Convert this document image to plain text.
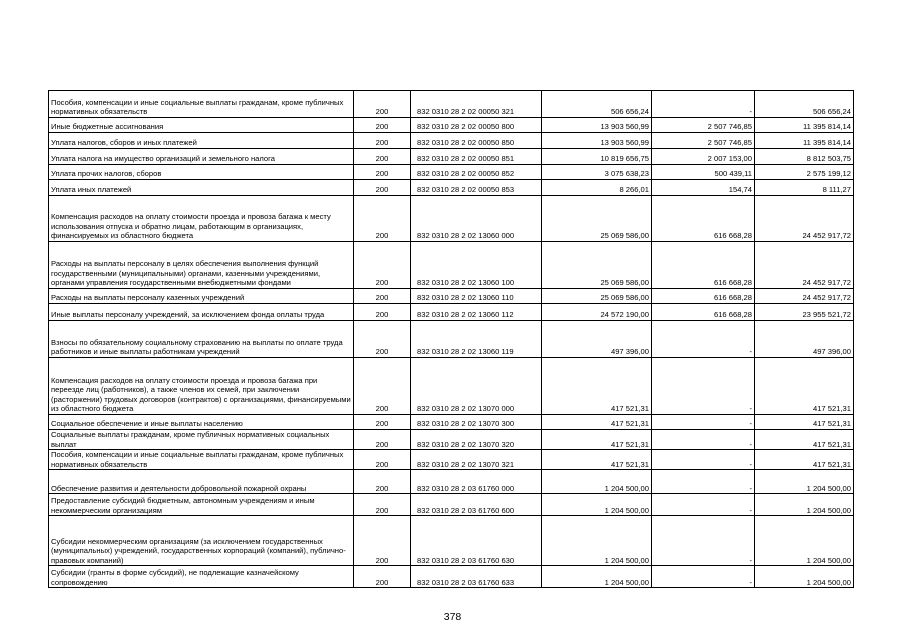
Пособия, компенсации и иные социальные выплаты гражданам, кроме публичных нормативных обязательств	200	832 0310 28 2 02 00050 321	506 656,24	-	506 656,24
Иные бюджетные ассигнования	200	832 0310 28 2 02 00050 800	13 903 560,99	2 507 746,85	11 395 814,14
Уплата налогов, сборов и иных платежей	200	832 0310 28 2 02 00050 850	13 903 560,99	2 507 746,85	11 395 814,14
Уплата налога на имущество организаций и земельного налога	200	832 0310 28 2 02 00050 851	10 819 656,75	2 007 153,00	8 812 503,75
Уплата прочих налогов, сборов	200	832 0310 28 2 02 00050 852	3 075 638,23	500 439,11	2 575 199,12
Уплата иных платежей	200	832 0310 28 2 02 00050 853	8 266,01	154,74	8 111,27
Компенсация расходов на оплату стоимости проезда и провоза багажа к месту использования отпуска и обратно лицам, работающим в организациях, финансируемых из областного бюджета	200	832 0310 28 2 02 13060 000	25 069 586,00	616 668,28	24 452 917,72
Расходы на выплаты персоналу в целях обеспечения выполнения функций государственными (муниципальными) органами, казенными учреждениями, органами управления государственными внебюджетными фондами	200	832 0310 28 2 02 13060 100	25 069 586,00	616 668,28	24 452 917,72
Расходы на выплаты персоналу казенных учреждений	200	832 0310 28 2 02 13060 110	25 069 586,00	616 668,28	24 452 917,72
Иные выплаты персоналу учреждений, за исключением фонда оплаты труда	200	832 0310 28 2 02 13060 112	24 572 190,00	616 668,28	23 955 521,72
Взносы по обязательному социальному страхованию на выплаты по оплате труда работников и иные выплаты работникам учреждений	200	832 0310 28 2 02 13060 119	497 396,00	-	497 396,00
Компенсация расходов на оплату стоимости проезда и провоза багажа при переезде лиц (работников), а также членов их семей, при заключении (расторжении) трудовых договоров (контрактов) с организациями, финансируемыми из областного бюджета	200	832 0310 28 2 02 13070 000	417 521,31	-	417 521,31
Социальное обеспечение и иные выплаты населению	200	832 0310 28 2 02 13070 300	417 521,31	-	417 521,31
Социальные выплаты гражданам, кроме публичных нормативных социальных выплат	200	832 0310 28 2 02 13070 320	417 521,31	-	417 521,31
Пособия, компенсации и иные социальные выплаты гражданам, кроме публичных нормативных обязательств	200	832 0310 28 2 02 13070 321	417 521,31	-	417 521,31
Обеспечение развития и деятельности добровольной пожарной охраны	200	832 0310 28 2 03 61760 000	1 204 500,00	-	1 204 500,00
Предоставление субсидий бюджетным, автономным учреждениям и иным некоммерческим организациям	200	832 0310 28 2 03 61760 600	1 204 500,00	-	1 204 500,00
Субсидии некоммерческим организациям (за исключением государственных (муниципальных) учреждений, государственных корпораций (компаний), публично-правовых компаний)	200	832 0310 28 2 03 61760 630	1 204 500,00	-	1 204 500,00
Субсидии (гранты в форме субсидий), не подлежащие казначейскому сопровождению	200	832 0310 28 2 03 61760 633	1 204 500,00	-	1 204 500,00
378
